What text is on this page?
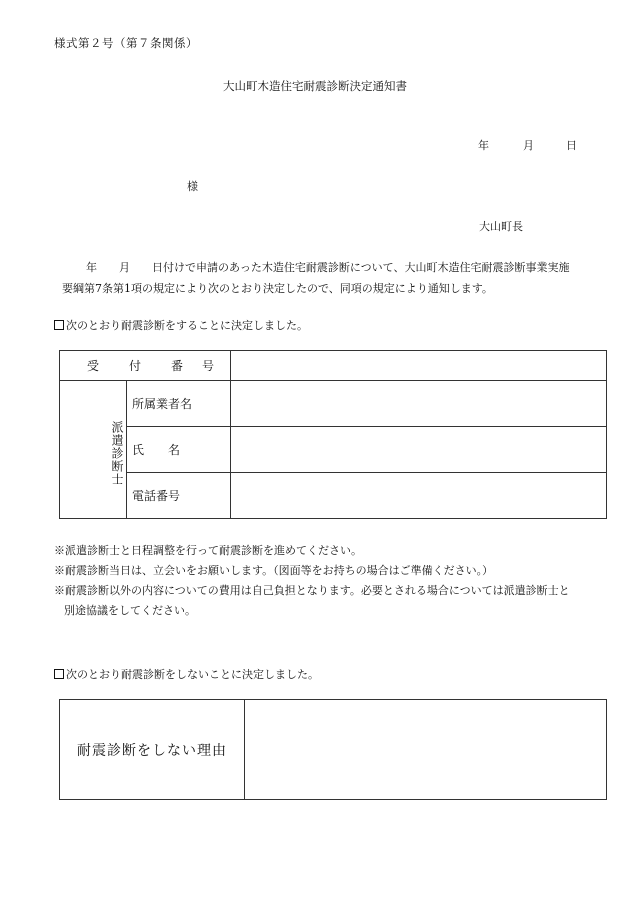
様式第２号（第７条関係）
大山町木造住宅耐震診断決定通知書
年	月	日
様
大山町長
年　　月　　日付けで申請のあった木造住宅耐震診断について、大山町木造住宅耐震診断事業実施
要綱第7条第1項の規定により次のとおり決定したので、同項の規定により通知します。
次のとおり耐震診断をすることに決定しました。
受 付 番 号		
派遣診断士	所属業者名	
	氏　　名	
	電話番号	
※派遣診断士と日程調整を行って耐震診断を進めてください。
※耐震診断当日は、立会いをお願いします。（図面等をお持ちの場合はご準備ください。）
※耐震診断以外の内容についての費用は自己負担となります。必要とされる場合については派遣診断士と
別途協議をしてください。
次のとおり耐震診断をしないことに決定しました。
耐震診断をしない理由	
